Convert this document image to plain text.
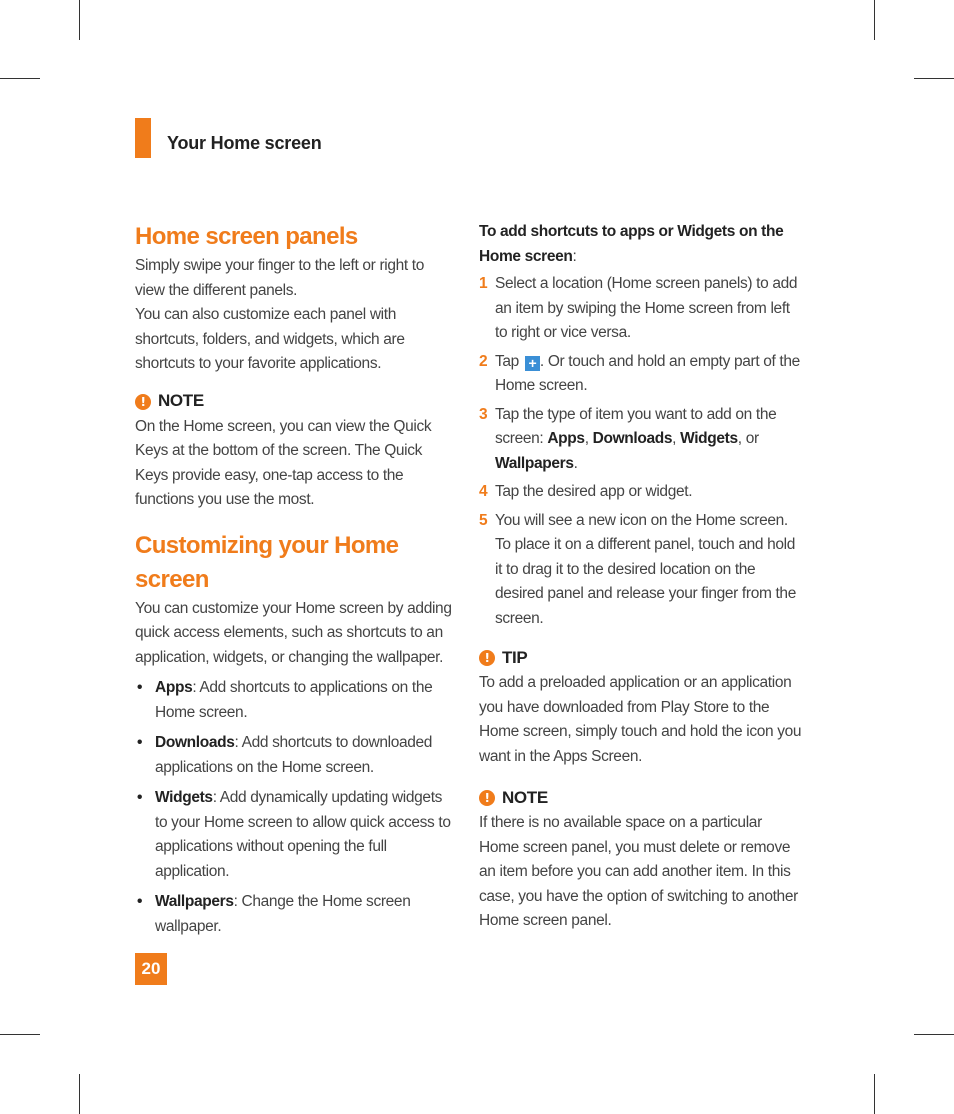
Your Home screen
Home screen panels

Simply swipe your finger to the left or right to view the different panels.

You can also customize each panel with shortcuts, folders, and widgets, which are shortcuts to your favorite applications.

! NOTE

On the Home screen, you can view the Quick Keys at the bottom of the screen. The Quick Keys provide easy, one-tap access to the functions you use the most.

Customizing your Home screen

You can customize your Home screen by adding quick access elements, such as shortcuts to an application, widgets, or changing the wallpaper.

• Apps: Add shortcuts to applications on the Home screen.
• Downloads: Add shortcuts to downloaded applications on the Home screen.
• Widgets: Add dynamically updating widgets to your Home screen to allow quick access to applications without opening the full application.
• Wallpapers: Change the Home screen wallpaper.

To add shortcuts to apps or Widgets on the Home screen:

1 Select a location (Home screen panels) to add an item by swiping the Home screen from left to right or vice versa.
2 Tap + . Or touch and hold an empty part of the Home screen.
3 Tap the type of item you want to add on the screen: Apps, Downloads, Widgets, or Wallpapers.
4 Tap the desired app or widget.
5 You will see a new icon on the Home screen. To place it on a different panel, touch and hold it to drag it to the desired location on the desired panel and release your finger from the screen.
! TIP

To add a preloaded application or an application you have downloaded from Play Store to the Home screen, simply touch and hold the icon you want in the Apps Screen.

! NOTE

If there is no available space on a particular Home screen panel, you must delete or remove an item before you can add another item. In this case, you have the option of switching to another Home screen panel.

20
